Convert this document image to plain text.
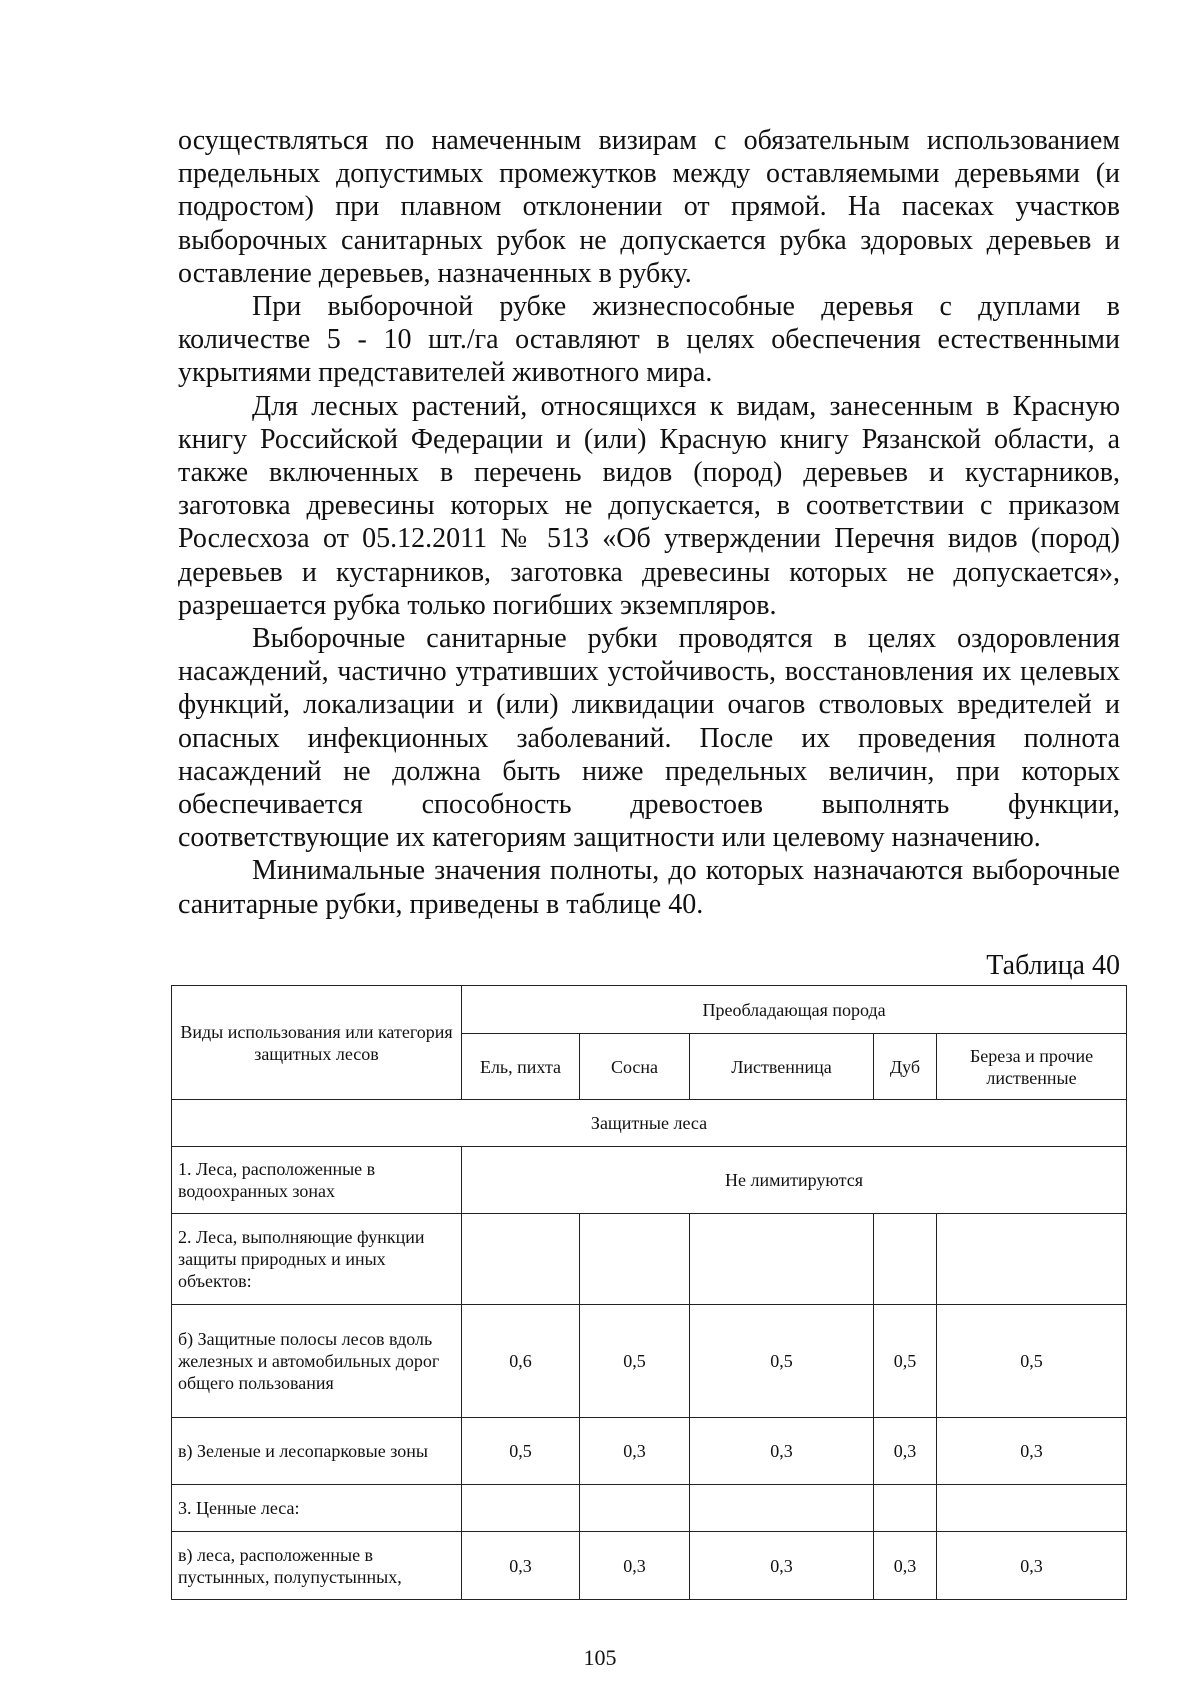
осуществляться по намеченным визирам с обязательным использованием предельных допустимых промежутков между оставляемыми деревьями (и подростом) при плавном отклонении от прямой. На пасеках участков выборочных санитарных рубок не допускается рубка здоровых деревьев и оставление деревьев, назначенных в рубку.

При выборочной рубке жизнеспособные деревья с дуплами в количестве 5 - 10 шт./га оставляют в целях обеспечения естественными укрытиями представителей животного мира.

Для лесных растений, относящихся к видам, занесенным в Красную книгу Российской Федерации и (или) Красную книгу Рязанской области, а также включенных в перечень видов (пород) деревьев и кустарников, заготовка древесины которых не допускается, в соответствии с приказом Рослесхоза от 05.12.2011 № 513 «Об утверждении Перечня видов (пород) деревьев и кустарников, заготовка древесины которых не допускается», разрешается рубка только погибших экземпляров.

Выборочные санитарные рубки проводятся в целях оздоровления насаждений, частично утративших устойчивость, восстановления их целевых функций, локализации и (или) ликвидации очагов стволовых вредителей и опасных инфекционных заболеваний. После их проведения полнота насаждений не должна быть ниже предельных величин, при которых обеспечивается способность древостоев выполнять функции, соответствующие их категориям защитности или целевому назначению.

Минимальные значения полноты, до которых назначаются выборочные санитарные рубки, приведены в таблице 40.

Таблица 40
Виды использования или категория защитных лесов	Преобладающая порода				
	Ель, пихта	Сосна	Лиственница	Дуб	Береза и прочие лиственные
Защитные леса					
1. Леса, расположенные в водоохранных зонах	Не лимитируются				
2. Леса, выполняющие функции защиты природных и иных объектов:					
б) Защитные полосы лесов вдоль железных и автомобильных дорог общего пользования	0,6	0,5	0,5	0,5	0,5
в) Зеленые и лесопарковые зоны	0,5	0,3	0,3	0,3	0,3
3. Ценные леса:					
в) леса, расположенные в пустынных, полупустынных,	0,3	0,3	0,3	0,3	0,3
105
